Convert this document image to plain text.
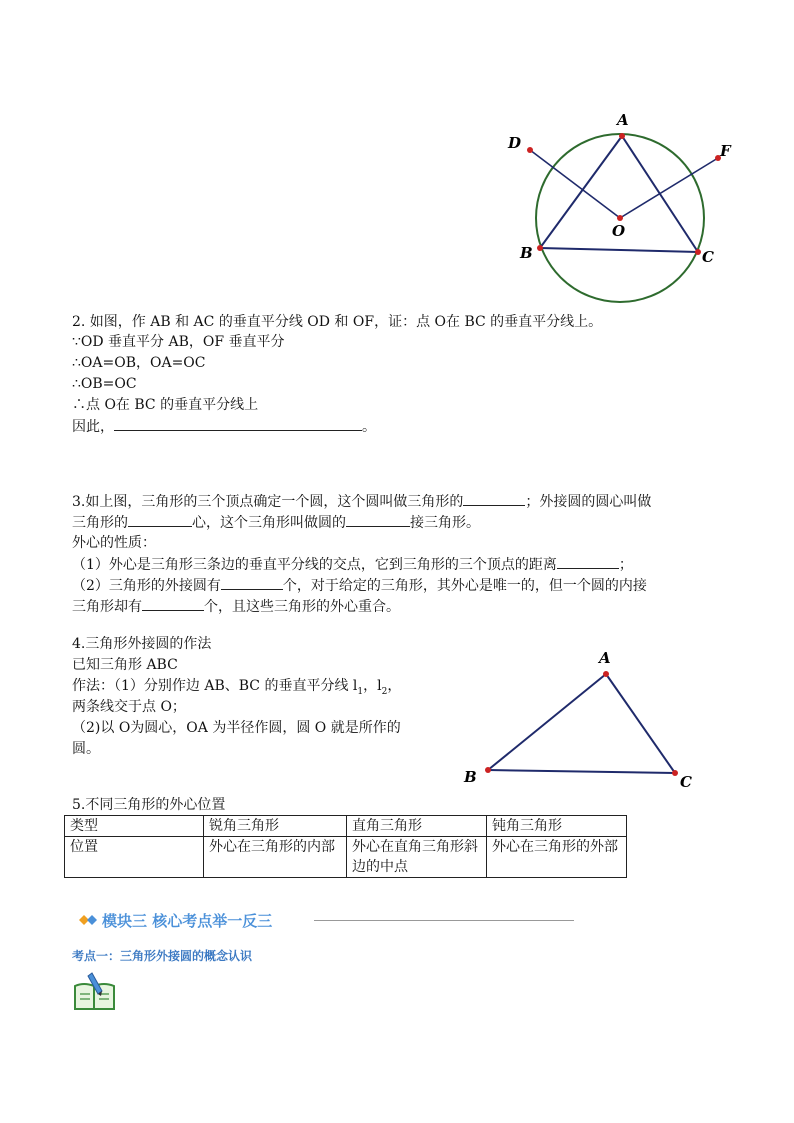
A
B	C
D	F
O
2. 如图，作 AB 和 AC 的垂直平分线 OD 和 OF，证：点 O在 BC 的垂直平分线上。
∵OD 垂直平分 AB，OF 垂直平分
∴OA=OB，OA=OC
∴OB=OC
∴点 O在 BC 的垂直平分线上
因此，	。
3.如上图，三角形的三个顶点确定一个圆，这个圆叫做三角形的	；外接圆的圆心叫做
三角形的	心，这个三角形叫做圆的	接三角形。
外心的性质：
（1）外心是三角形三条边的垂直平分线的交点，它到三角形的三个顶点的距离	；
（2）三角形的外接圆有	个，对于给定的三角形，其外心是唯一的，但一个圆的内接
三角形却有	个，且这些三角形的外心重合。
4.三角形外接圆的作法
已知三角形 ABC
作法：（1）分别作边 AB、BC 的垂直平分线 $l_1$，$l_2$，
两条线交于点 O；
（2)以 O为圆心，OA 为半径作圆，圆 O 就是所作的
圆。
A
B	C
5.不同三角形的外心位置
类型	锐角三角形	直角三角形	钝角三角形
位置	外心在三角形的内部	外心在直角三角形斜边的中点	外心在三角形的外部
模块三 核心考点举一反三
考点一：三角形外接圆的概念认识
